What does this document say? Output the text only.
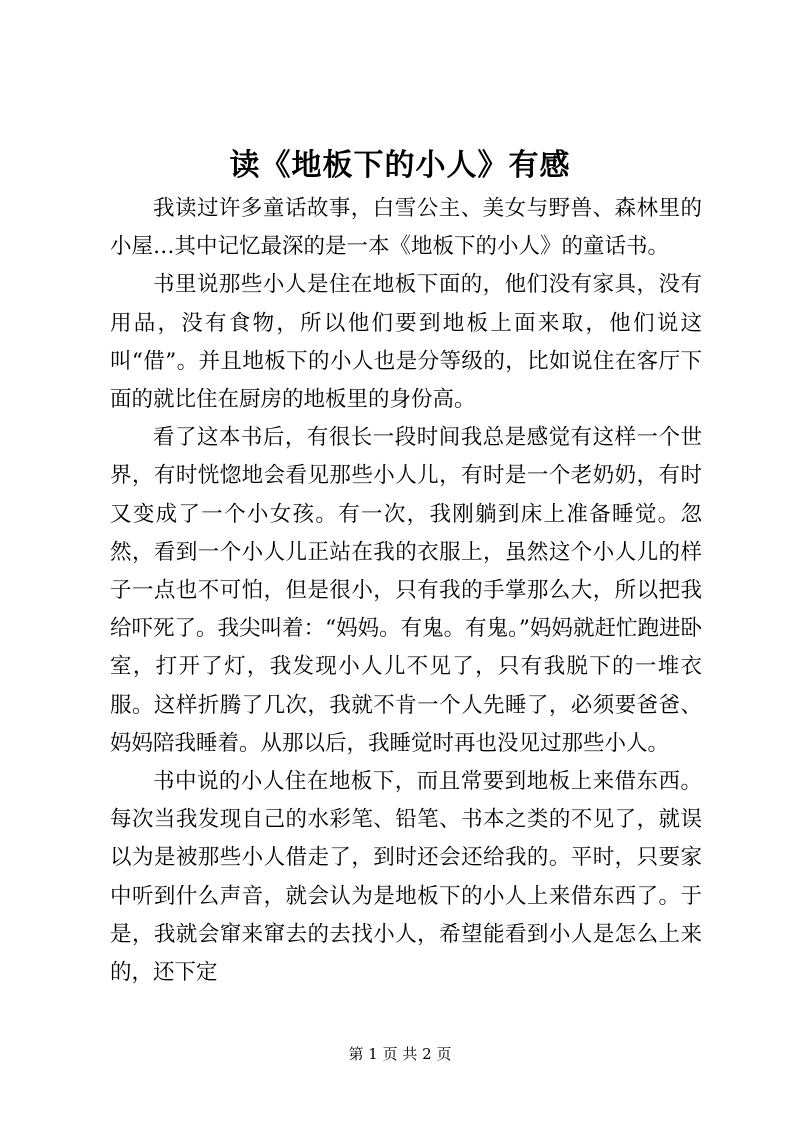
读《地板下的小人》有感

我读过许多童话故事，白雪公主、美女与野兽、森林里的小屋…其中记忆最深的是一本《地板下的小人》的童话书。

书里说那些小人是住在地板下面的，他们没有家具，没有用品，没有食物，所以他们要到地板上面来取，他们说这叫“借”。并且地板下的小人也是分等级的，比如说住在客厅下面的就比住在厨房的地板里的身份高。

看了这本书后，有很长一段时间我总是感觉有这样一个世界，有时恍惚地会看见那些小人儿，有时是一个老奶奶，有时又变成了一个小女孩。有一次，我刚躺到床上准备睡觉。忽然，看到一个小人儿正站在我的衣服上，虽然这个小人儿的样子一点也不可怕，但是很小，只有我的手掌那么大，所以把我给吓死了。我尖叫着：“妈妈。有鬼。有鬼。”妈妈就赶忙跑进卧室，打开了灯，我发现小人儿不见了，只有我脱下的一堆衣服。这样折腾了几次，我就不肯一个人先睡了，必须要爸爸、妈妈陪我睡着。从那以后，我睡觉时再也没见过那些小人。

书中说的小人住在地板下，而且常要到地板上来借东西。每次当我发现自己的水彩笔、铅笔、书本之类的不见了，就误以为是被那些小人借走了，到时还会还给我的。平时，只要家中听到什么声音，就会认为是地板下的小人上来借东西了。于是，我就会窜来窜去的去找小人，希望能看到小人是怎么上来的，还下定

第 1 页 共 2 页
